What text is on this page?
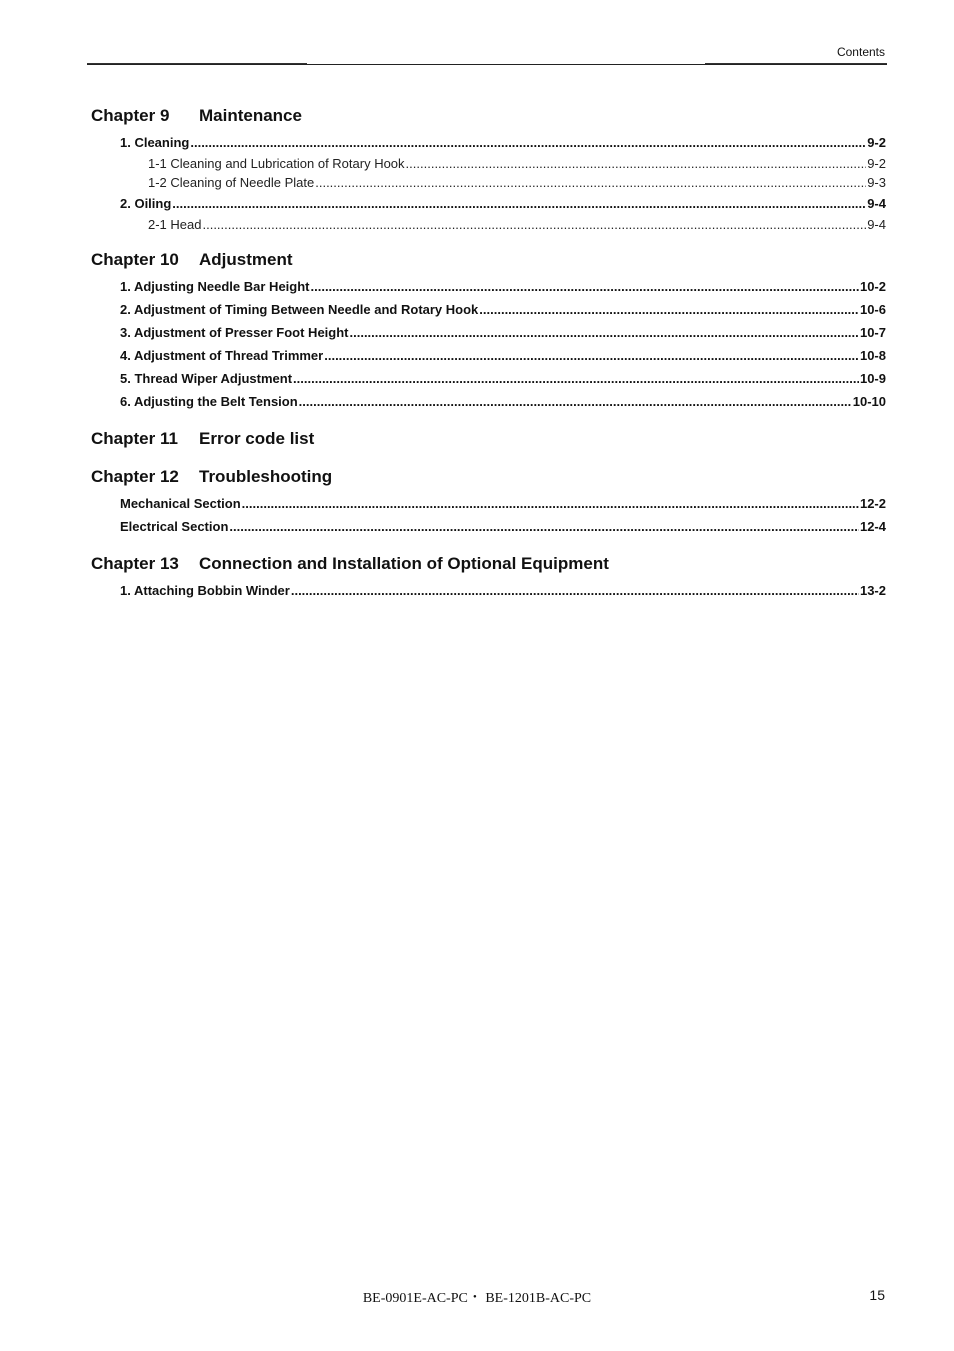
Contents
Chapter 9 Maintenance
1. Cleaning .....	9-2
1-1 Cleaning and Lubrication of Rotary Hook .....	9-2
1-2 Cleaning of Needle Plate .....	9-3
2. Oiling .....	9-4
2-1 Head .....	9-4
Chapter 10 Adjustment
1. Adjusting Needle Bar Height .....	10-2
2. Adjustment of Timing Between Needle and Rotary Hook .....	10-6
3. Adjustment of Presser Foot Height .....	10-7
4. Adjustment of Thread Trimmer .....	10-8
5. Thread Wiper Adjustment .....	10-9
6. Adjusting the Belt Tension .....	10-10
Chapter 11 Error code list
Chapter 12 Troubleshooting
Mechanical Section .....	12-2
Electrical Section .....	12-4
Chapter 13 Connection and Installation of Optional Equipment
1. Attaching Bobbin Winder .....	13-2
BE-0901E-AC-PC・ BE-1201B-AC-PC	15
